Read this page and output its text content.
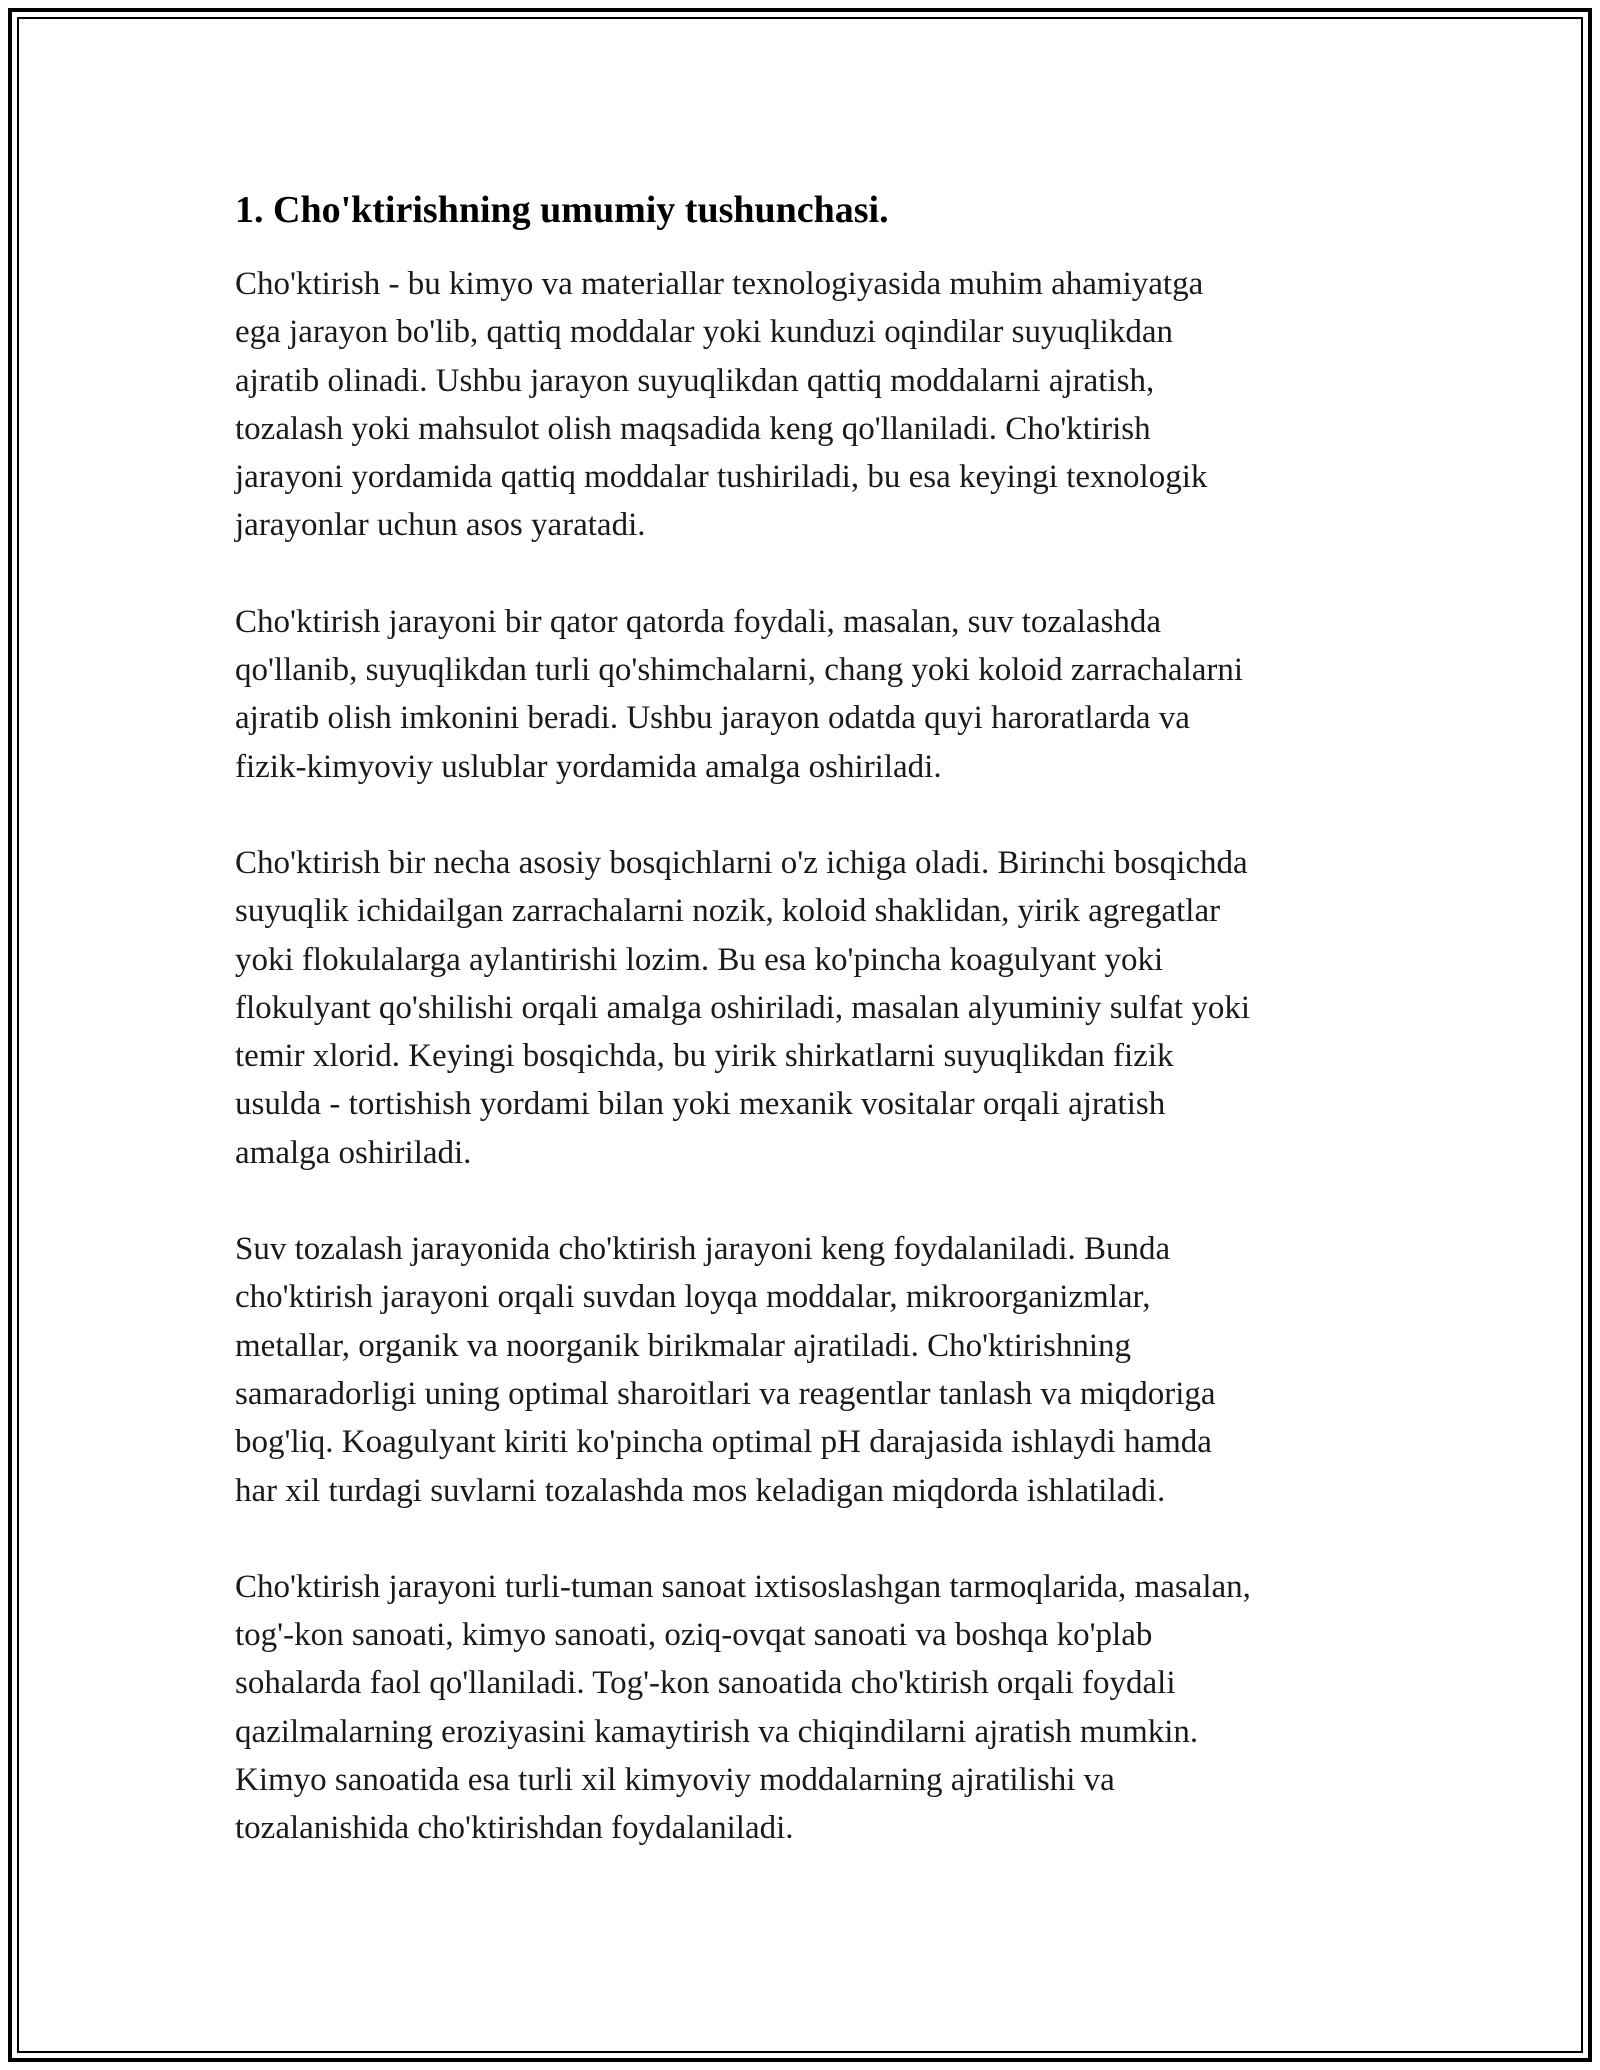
1. Cho'ktirishning umumiy tushunchasi.

Cho'ktirish - bu kimyo va materiallar texnologiyasida muhim ahamiyatga
ega jarayon bo'lib, qattiq moddalar yoki kunduzi oqindilar suyuqlikdan
ajratib olinadi. Ushbu jarayon suyuqlikdan qattiq moddalarni ajratish,
tozalash yoki mahsulot olish maqsadida keng qo'llaniladi. Cho'ktirish
jarayoni yordamida qattiq moddalar tushiriladi, bu esa keyingi texnologik
jarayonlar uchun asos yaratadi.

Cho'ktirish jarayoni bir qator qatorda foydali, masalan, suv tozalashda
qo'llanib, suyuqlikdan turli qo'shimchalarni, chang yoki koloid zarrachalarni
ajratib olish imkonini beradi. Ushbu jarayon odatda quyi haroratlarda va
fizik-kimyoviy uslublar yordamida amalga oshiriladi.

Cho'ktirish bir necha asosiy bosqichlarni o'z ichiga oladi. Birinchi bosqichda
suyuqlik ichidailgan zarrachalarni nozik, koloid shaklidan, yirik agregatlar
yoki flokulalarga aylantirishi lozim. Bu esa ko'pincha koagulyant yoki
flokulyant qo'shilishi orqali amalga oshiriladi, masalan alyuminiy sulfat yoki
temir xlorid. Keyingi bosqichda, bu yirik shirkatlarni suyuqlikdan fizik
usulda - tortishish yordami bilan yoki mexanik vositalar orqali ajratish
amalga oshiriladi.

Suv tozalash jarayonida cho'ktirish jarayoni keng foydalaniladi. Bunda
cho'ktirish jarayoni orqali suvdan loyqa moddalar, mikroorganizmlar,
metallar, organik va noorganik birikmalar ajratiladi. Cho'ktirishning
samaradorligi uning optimal sharoitlari va reagentlar tanlash va miqdoriga
bog'liq. Koagulyant kiriti ko'pincha optimal pH darajasida ishlaydi hamda
har xil turdagi suvlarni tozalashda mos keladigan miqdorda ishlatiladi.

Cho'ktirish jarayoni turli-tuman sanoat ixtisoslashgan tarmoqlarida, masalan,
tog'-kon sanoati, kimyo sanoati, oziq-ovqat sanoati va boshqa ko'plab
sohalarda faol qo'llaniladi. Tog'-kon sanoatida cho'ktirish orqali foydali
qazilmalarning eroziyasini kamaytirish va chiqindilarni ajratish mumkin.
Kimyo sanoatida esa turli xil kimyoviy moddalarning ajratilishi va
tozalanishida cho'ktirishdan foydalaniladi.
